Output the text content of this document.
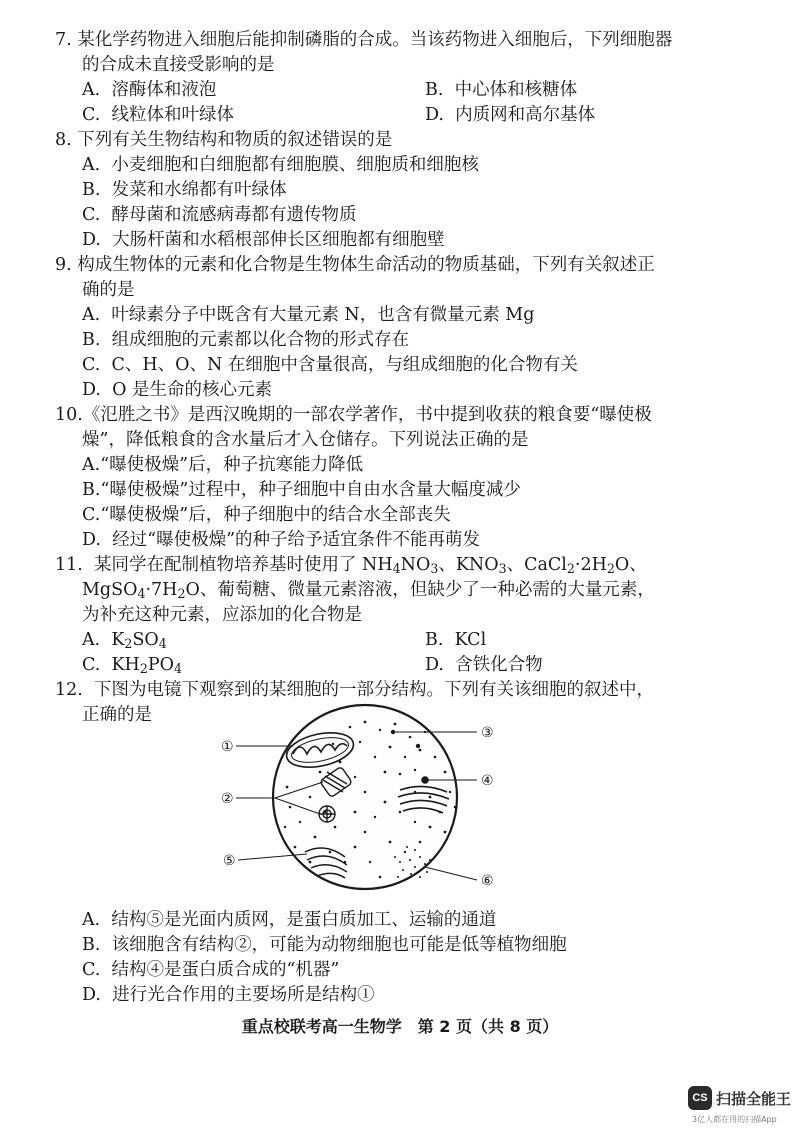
7. 某化学药物进入细胞后能抑制磷脂的合成。当该药物进入细胞后，下列细胞器
的合成未直接受影响的是
A. 溶酶体和液泡	B. 中心体和核糖体
C. 线粒体和叶绿体	D. 内质网和高尔基体
8. 下列有关生物结构和物质的叙述错误的是
A. 小麦细胞和白细胞都有细胞膜、细胞质和细胞核
B. 发菜和水绵都有叶绿体
C. 酵母菌和流感病毒都有遗传物质
D. 大肠杆菌和水稻根部伸长区细胞都有细胞壁
9. 构成生物体的元素和化合物是生物体生命活动的物质基础，下列有关叙述正
确的是
A. 叶绿素分子中既含有大量元素 N，也含有微量元素 Mg
B. 组成细胞的元素都以化合物的形式存在
C. C、H、O、N 在细胞中含量很高，与组成细胞的化合物有关
D. O 是生命的核心元素
10.《氾胜之书》是西汉晚期的一部农学著作，书中提到收获的粮食要“曝使极
燥”，降低粮食的含水量后才入仓储存。下列说法正确的是
A.“曝使极燥”后，种子抗寒能力降低
B.“曝使极燥”过程中，种子细胞中自由水含量大幅度减少
C.“曝使极燥”后，种子细胞中的结合水全部丧失
D. 经过“曝使极燥”的种子给予适宜条件不能再萌发
11. 某同学在配制植物培养基时使用了 $NH_4NO_3$、$KNO_3$、$CaCl_2\cdot 2H_2O$、
$MgSO_4\cdot 7H_2O$、葡萄糖、微量元素溶液，但缺少了一种必需的大量元素，
为补充这种元素，应添加的化合物是
A. $K_2SO_4$	B. KCl
C. $KH_2PO_4$	D. 含铁化合物
12. 下图为电镜下观察到的某细胞的一部分结构。下列有关该细胞的叙述中，
正确的是
①
②
③
④
⑤
⑥
A. 结构⑤是光面内质网，是蛋白质加工、运输的通道
B. 该细胞含有结构②，可能为动物细胞也可能是低等植物细胞
C. 结构④是蛋白质合成的“机器”
D. 进行光合作用的主要场所是结构①
重点校联考高一生物学　第 2 页（共 8 页）
CS 扫描全能王
3亿人都在用的扫描App
